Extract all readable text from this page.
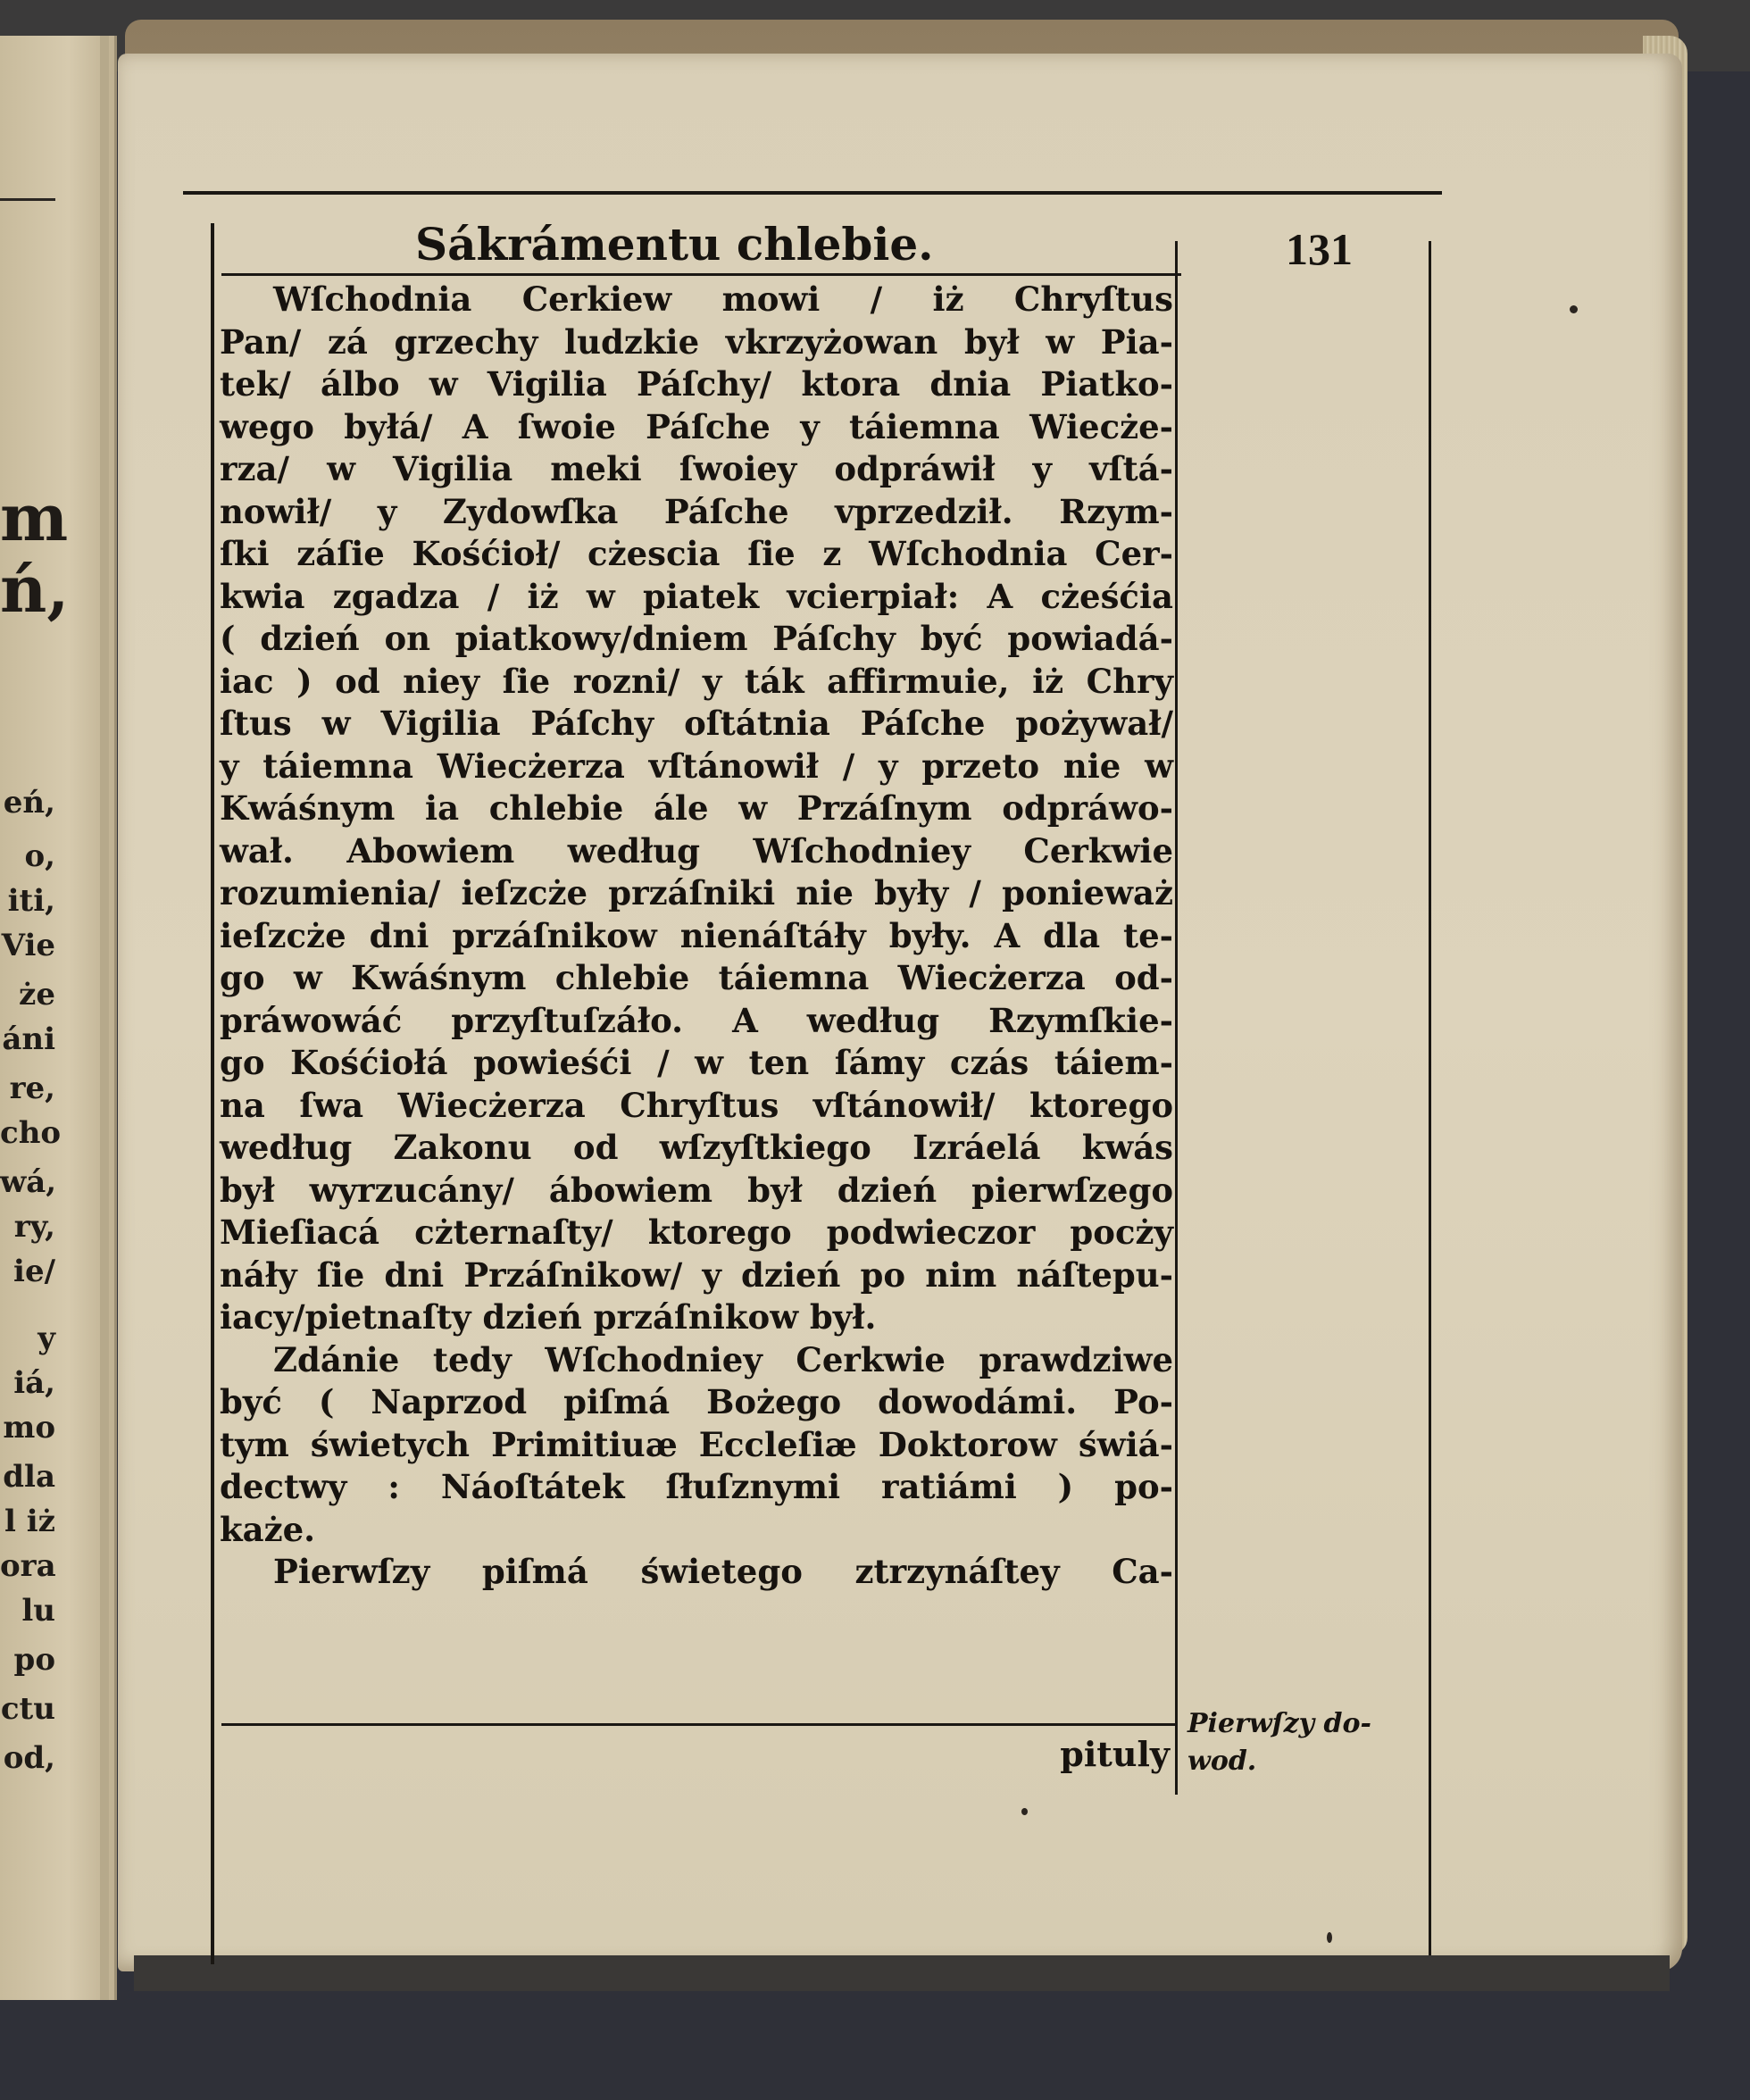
m
ń,
eń,
o,
iti,
Vie
że
áni
re,
cho
wá,
ry,
ie/
y
iá,
mo
dla
l iż
ora
lu
po
ctu
od,
Sákrámentu chlebie.	131
Wſchodnia Cerkiew mowi / iż Chryſtus
Pan/ zá grzechy ludzkie vkrzyżowan był w Pia-
tek/ álbo w Vigilia Páſchy/ ktora dnia Piatko-
wego byłá/ A ſwoie Páſche y táiemna Wiecże-
rza/ w Vigilia meki ſwoiey odpráwił y vſtá-
nowił/ y Zydowſka Páſche vprzedził. Rzym-
ſki záſie Kośćioł/ cżescia ſie z Wſchodnia Cer-
kwia zgadza / iż w piatek vcierpiał: A cżeśćia
( dzień on piatkowy/dniem Páſchy być powiadá-
iac ) od niey ſie rozni/ y ták affirmuie, iż Chry
ſtus w Vigilia Páſchy oſtátnia Páſche pożywał/
y táiemna Wiecżerza vſtánowił / y przeto nie w
Kwáśnym ia chlebie ále w Przáſnym odpráwo-
wał. Abowiem według Wſchodniey Cerkwie
rozumienia/ ieſzcże przáſniki nie były / ponieważ
ieſzcże dni przáſnikow nienáſtáły były. A dla te-
go w Kwáśnym chlebie táiemna Wiecżerza od-
práwowáć przyſtuſzáło. A według Rzymſkie-
go Kośćiołá powieśći / w ten ſámy czás táiem-
na ſwa Wiecżerza Chryſtus vſtánowił/ ktorego
według Zakonu od wſzyſtkiego Izráelá kwás
był wyrzucány/ ábowiem był dzień pierwſzego
Mieſiacá cżternaſty/ ktorego podwieczor pocży
náły ſie dni Przáſnikow/ y dzień po nim náſtepu-
iacy/pietnaſty dzień przáſnikow był.
Zdánie tedy Wſchodniey Cerkwie prawdziwe
być ( Naprzod piſmá Bożego dowodámi. Po-
tym świetych Primitiuæ Eccleſiæ Doktorow świá-
dectwy : Náoſtátek ſłuſznymi ratiámi ) po-
każe.
Pierwſzy piſmá świetego ztrzynáſtey Ca-
pituly
Pierwſzy do- wod.
